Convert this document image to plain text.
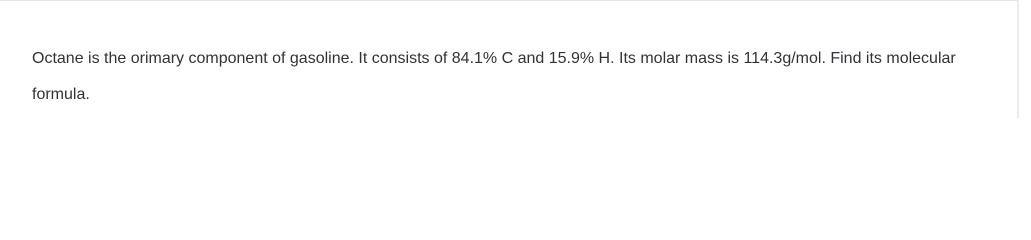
Octane is the orimary component of gasoline. It consists of 84.1% C and 15.9% H. Its molar mass is 114.3g/mol. Find its molecular formula.
